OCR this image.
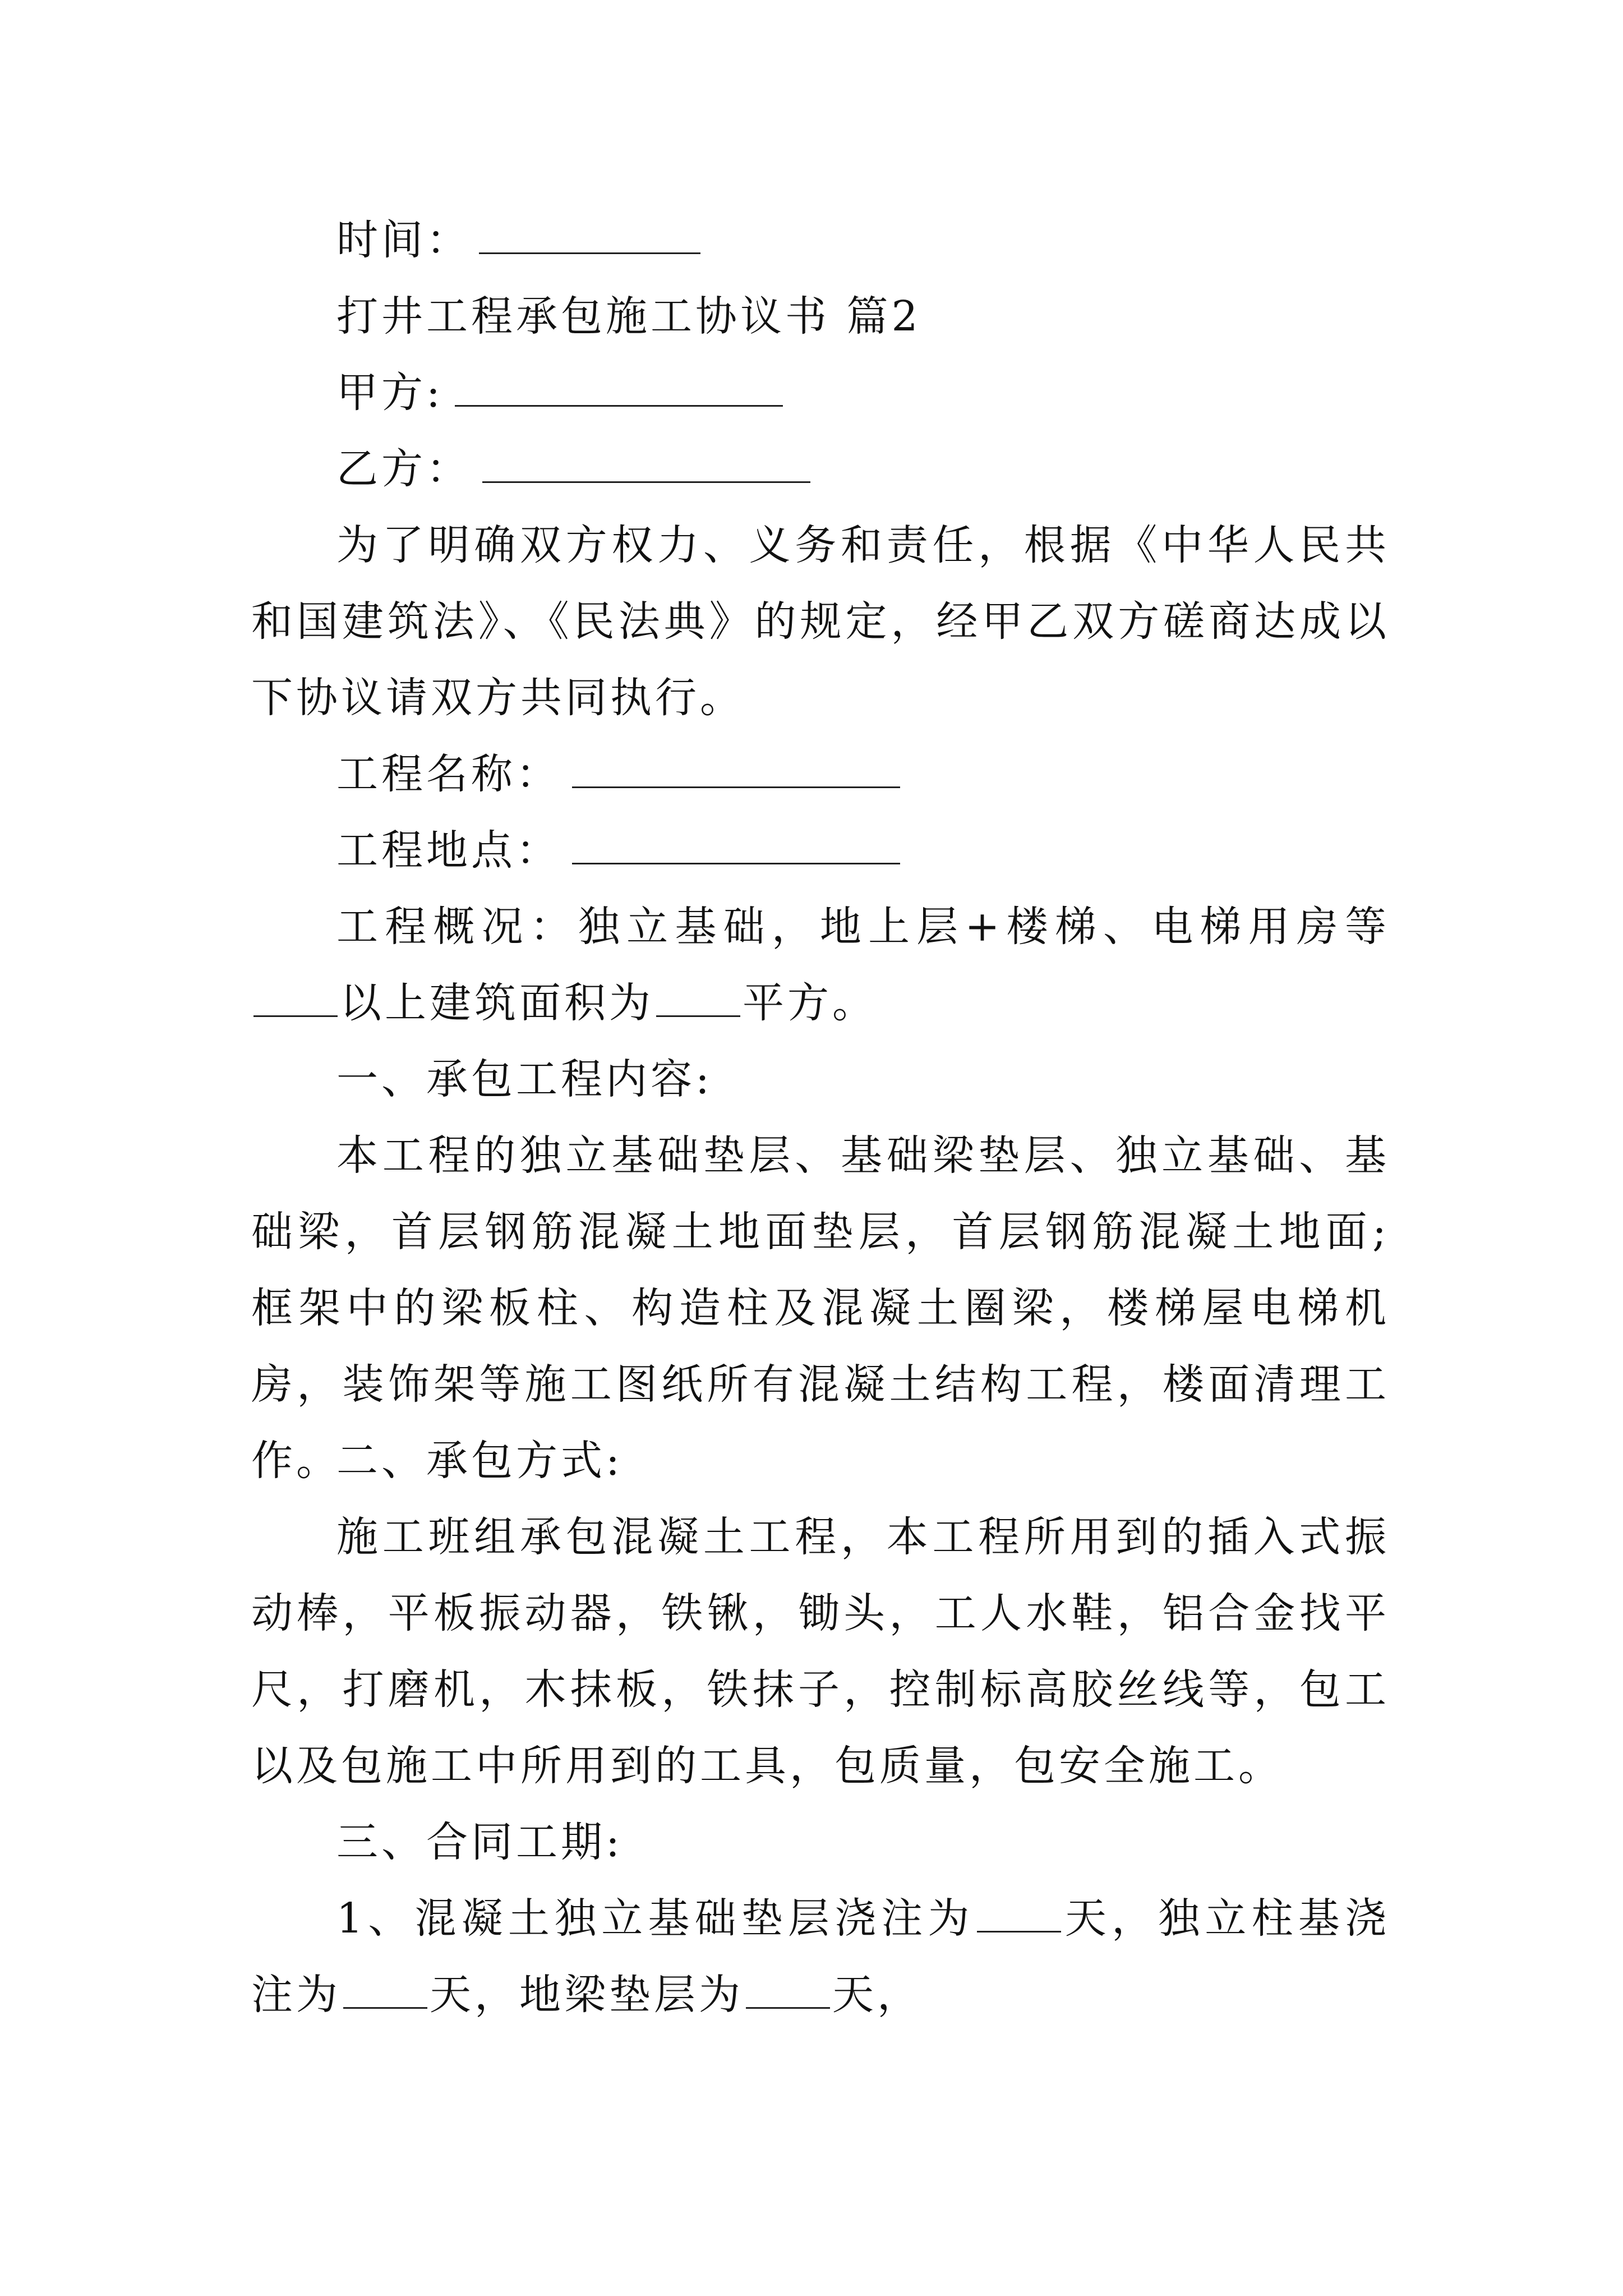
时间：

打井工程承包施工协议书 篇2

甲方:

乙方：

为了明确双方权力、义务和责任，根据《中华人民共和国建筑法》、《民法典》的规定，经甲乙双方磋商达成以下协议请双方共同执行。

工程名称：

工程地点：

工程概况：独立基础，地上层+楼梯、电梯用房等以上建筑面积为 平方。

一、承包工程内容:

本工程的独立基础垫层、基础梁垫层、独立基础、基础梁，首层钢筋混凝土地面垫层，首层钢筋混凝土地面;框架中的梁板柱、构造柱及混凝土圈梁，楼梯屋电梯机房，装饰架等施工图纸所有混凝土结构工程，楼面清理工作。

二、承包方式:

施工班组承包混凝土工程，本工程所用到的插入式振动棒，平板振动器，铁锹，锄头，工人水鞋，铝合金找平尺，打磨机，木抹板，铁抹子，控制标高胶丝线等，包工以及包施工中所用到的工具，包质量，包安全施工。

三、合同工期:

1、混凝土独立基础垫层浇注为 天，独立柱基浇注为 天，地梁垫层为 天，
